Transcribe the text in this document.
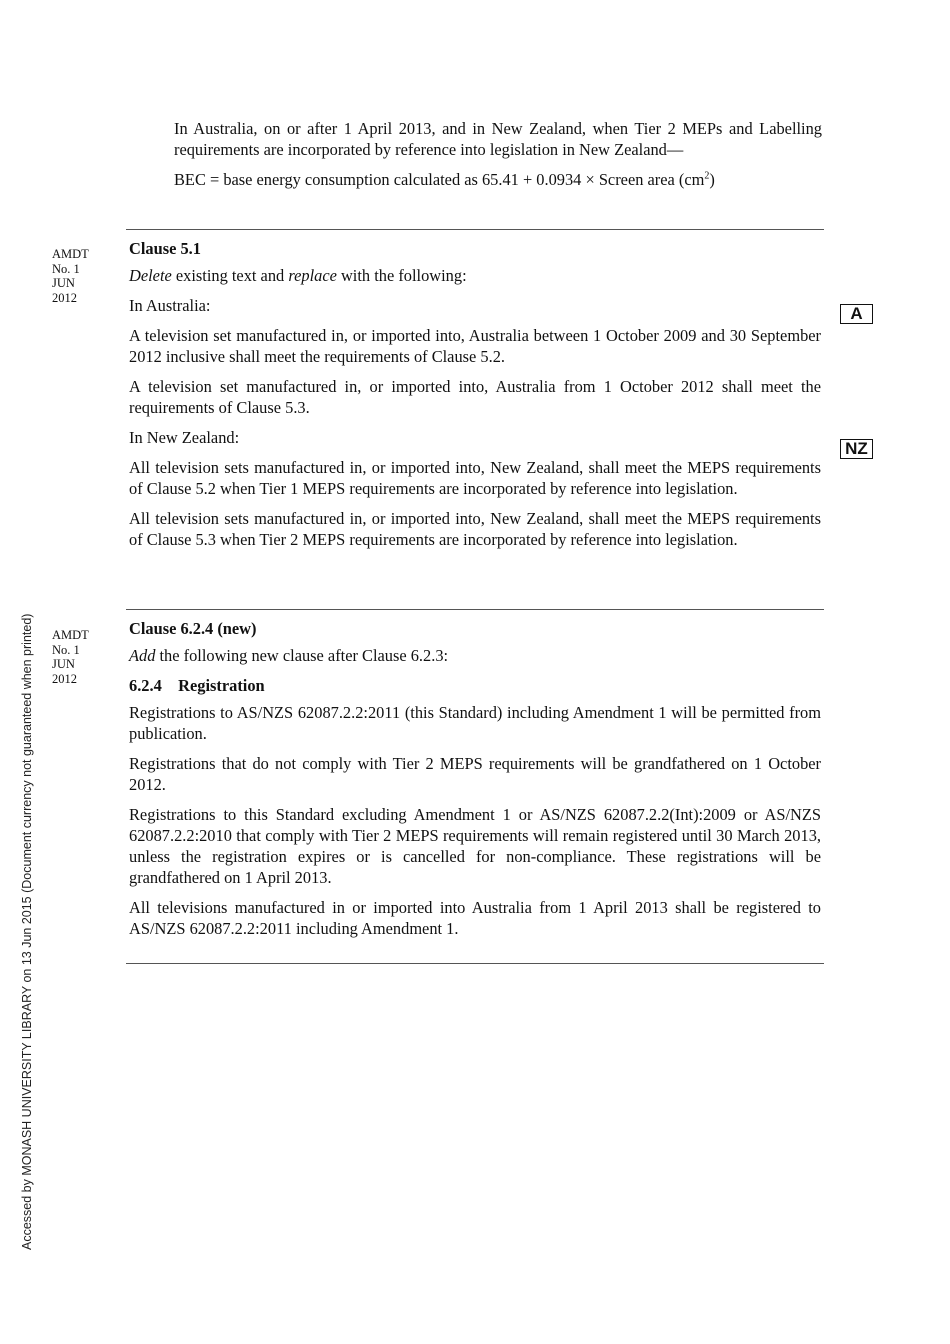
In Australia, on or after 1 April 2013, and in New Zealand, when Tier 2 MEPs and Labelling requirements are incorporated by reference into legislation in New Zealand—

BEC = base energy consumption calculated as 65.41 + 0.0934 × Screen area $(cm^2)$

AMDT
No. 1
JUN
2012

Clause 5.1

Delete existing text and replace with the following:

In Australia:

A television set manufactured in, or imported into, Australia between 1 October 2009 and 30 September 2012 inclusive shall meet the requirements of Clause 5.2.

A television set manufactured in, or imported into, Australia from 1 October 2012 shall meet the requirements of Clause 5.3.

In New Zealand:

All television sets manufactured in, or imported into, New Zealand, shall meet the MEPS requirements of Clause 5.2 when Tier 1 MEPS requirements are incorporated by reference into legislation.

All television sets manufactured in, or imported into, New Zealand, shall meet the MEPS requirements of Clause 5.3 when Tier 2 MEPS requirements are incorporated by reference into legislation.

A
NZ
AMDT
No. 1
JUN
2012

Clause 6.2.4 (new)

Add the following new clause after Clause 6.2.3:

6.2.4 Registration

Registrations to AS/NZS 62087.2.2:2011 (this Standard) including Amendment 1 will be permitted from publication.

Registrations that do not comply with Tier 2 MEPS requirements will be grandfathered on 1 October 2012.

Registrations to this Standard excluding Amendment 1 or AS/NZS 62087.2.2(Int):2009 or AS/NZS 62087.2.2:2010 that comply with Tier 2 MEPS requirements will remain registered until 30 March 2013, unless the registration expires or is cancelled for non-compliance. These registrations will be grandfathered on 1 April 2013.

All televisions manufactured in or imported into Australia from 1 April 2013 shall be registered to AS/NZS 62087.2.2:2011 including Amendment 1.

Accessed by MONASH UNIVERSITY LIBRARY on 13 Jun 2015 (Document currency not guaranteed when printed)
